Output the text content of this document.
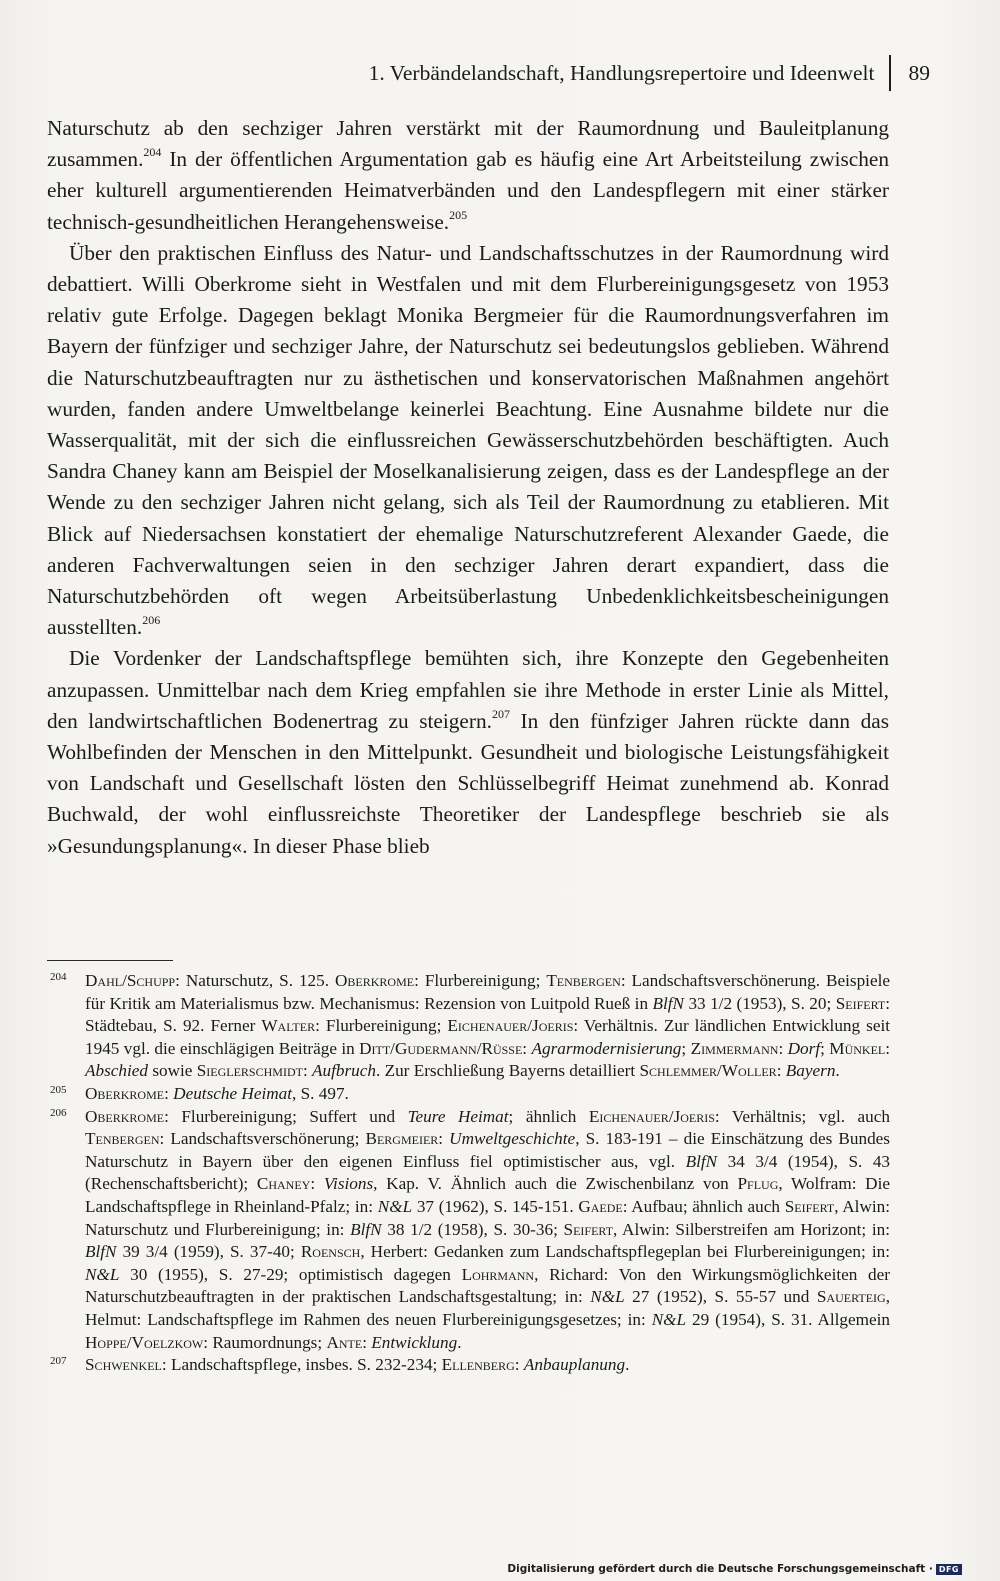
1. Verbändelandschaft, Handlungsrepertoire und Ideenwelt 89

Naturschutz ab den sechziger Jahren verstärkt mit der Raumordnung und Bauleitplanung zusammen.$^{204}$ In der öffentlichen Argumentation gab es häufig eine Art Arbeitsteilung zwischen eher kulturell argumentierenden Heimatverbänden und den Landespflegern mit einer stärker technisch-gesundheitlichen Herangehensweise.$^{205}$

Über den praktischen Einfluss des Natur- und Landschaftsschutzes in der Raumordnung wird debattiert. Willi Oberkrome sieht in Westfalen und mit dem Flurbereinigungsgesetz von 1953 relativ gute Erfolge. Dagegen beklagt Monika Bergmeier für die Raumordnungsverfahren im Bayern der fünfziger und sechziger Jahre, der Naturschutz sei bedeutungslos geblieben. Während die Naturschutzbeauftragten nur zu ästhetischen und konservatorischen Maßnahmen angehört wurden, fanden andere Umweltbelange keinerlei Beachtung. Eine Ausnahme bildete nur die Wasserqualität, mit der sich die einflussreichen Gewässerschutzbehörden beschäftigten. Auch Sandra Chaney kann am Beispiel der Moselkanalisierung zeigen, dass es der Landespflege an der Wende zu den sechziger Jahren nicht gelang, sich als Teil der Raumordnung zu etablieren. Mit Blick auf Niedersachsen konstatiert der ehemalige Naturschutzreferent Alexander Gaede, die anderen Fachverwaltungen seien in den sechziger Jahren derart expandiert, dass die Naturschutzbehörden oft wegen Arbeitsüberlastung Unbedenklichkeitsbescheinigungen ausstellten.$^{206}$

Die Vordenker der Landschaftspflege bemühten sich, ihre Konzepte den Gegebenheiten anzupassen. Unmittelbar nach dem Krieg empfahlen sie ihre Methode in erster Linie als Mittel, den landwirtschaftlichen Bodenertrag zu steigern.$^{207}$ In den fünfziger Jahren rückte dann das Wohlbefinden der Menschen in den Mittelpunkt. Gesundheit und biologische Leistungsfähigkeit von Landschaft und Gesellschaft lösten den Schlüsselbegriff Heimat zunehmend ab. Konrad Buchwald, der wohl einflussreichste Theoretiker der Landespflege beschrieb sie als »Gesundungsplanung«. In dieser Phase blieb

204 Dahl/Schupp: Naturschutz, S. 125. Oberkrome: Flurbereinigung; Tenbergen: Landschaftsverschönerung. Beispiele für Kritik am Materialismus bzw. Mechanismus: Rezension von Luitpold Rueß in BlfN 33 1/2 (1953), S. 20; Seifert: Städtebau, S. 92. Ferner Walter: Flurbereinigung; Eichenauer/Joeris: Verhältnis. Zur ländlichen Entwicklung seit 1945 vgl. die einschlägigen Beiträge in Ditt/Gudermann/Rüsse: Agrarmodernisierung; Zimmermann: Dorf; Münkel: Abschied sowie Sieglerschmidt: Aufbruch. Zur Erschließung Bayerns detailliert Schlemmer/Woller: Bayern.
205 Oberkrome: Deutsche Heimat, S. 497.
206 Oberkrome: Flurbereinigung; Suffert und Teure Heimat; ähnlich Eichenauer/Joeris: Verhältnis; vgl. auch Tenbergen: Landschaftsverschönerung; Bergmeier: Umweltgeschichte, S. 183-191 – die Einschätzung des Bundes Naturschutz in Bayern über den eigenen Einfluss fiel optimistischer aus, vgl. BlfN 34 3/4 (1954), S. 43 (Rechenschaftsbericht); Chaney: Visions, Kap. V. Ähnlich auch die Zwischenbilanz von Pflug, Wolfram: Die Landschaftspflege in Rheinland-Pfalz; in: N&L 37 (1962), S. 145-151. Gaede: Aufbau; ähnlich auch Seifert, Alwin: Naturschutz und Flurbereinigung; in: BlfN 38 1/2 (1958), S. 30-36; Seifert, Alwin: Silberstreifen am Horizont; in: BlfN 39 3/4 (1959), S. 37-40; Roensch, Herbert: Gedanken zum Landschaftspflegeplan bei Flurbereinigungen; in: N&L 30 (1955), S. 27-29; optimistisch dagegen Lohrmann, Richard: Von den Wirkungsmöglichkeiten der Naturschutzbeauftragten in der praktischen Landschaftsgestaltung; in: N&L 27 (1952), S. 55-57 und Sauerteig, Helmut: Landschaftspflege im Rahmen des neuen Flurbereinigungsgesetzes; in: N&L 29 (1954), S. 31. Allgemein Hoppe/Voelzkow: Raumordnungs; Ante: Entwicklung.
207 Schwenkel: Landschaftspflege, insbes. S. 232-234; Ellenberg: Anbauplanung.
Digitalisierung gefördert durch die Deutsche Forschungsgemeinschaft · DFG
